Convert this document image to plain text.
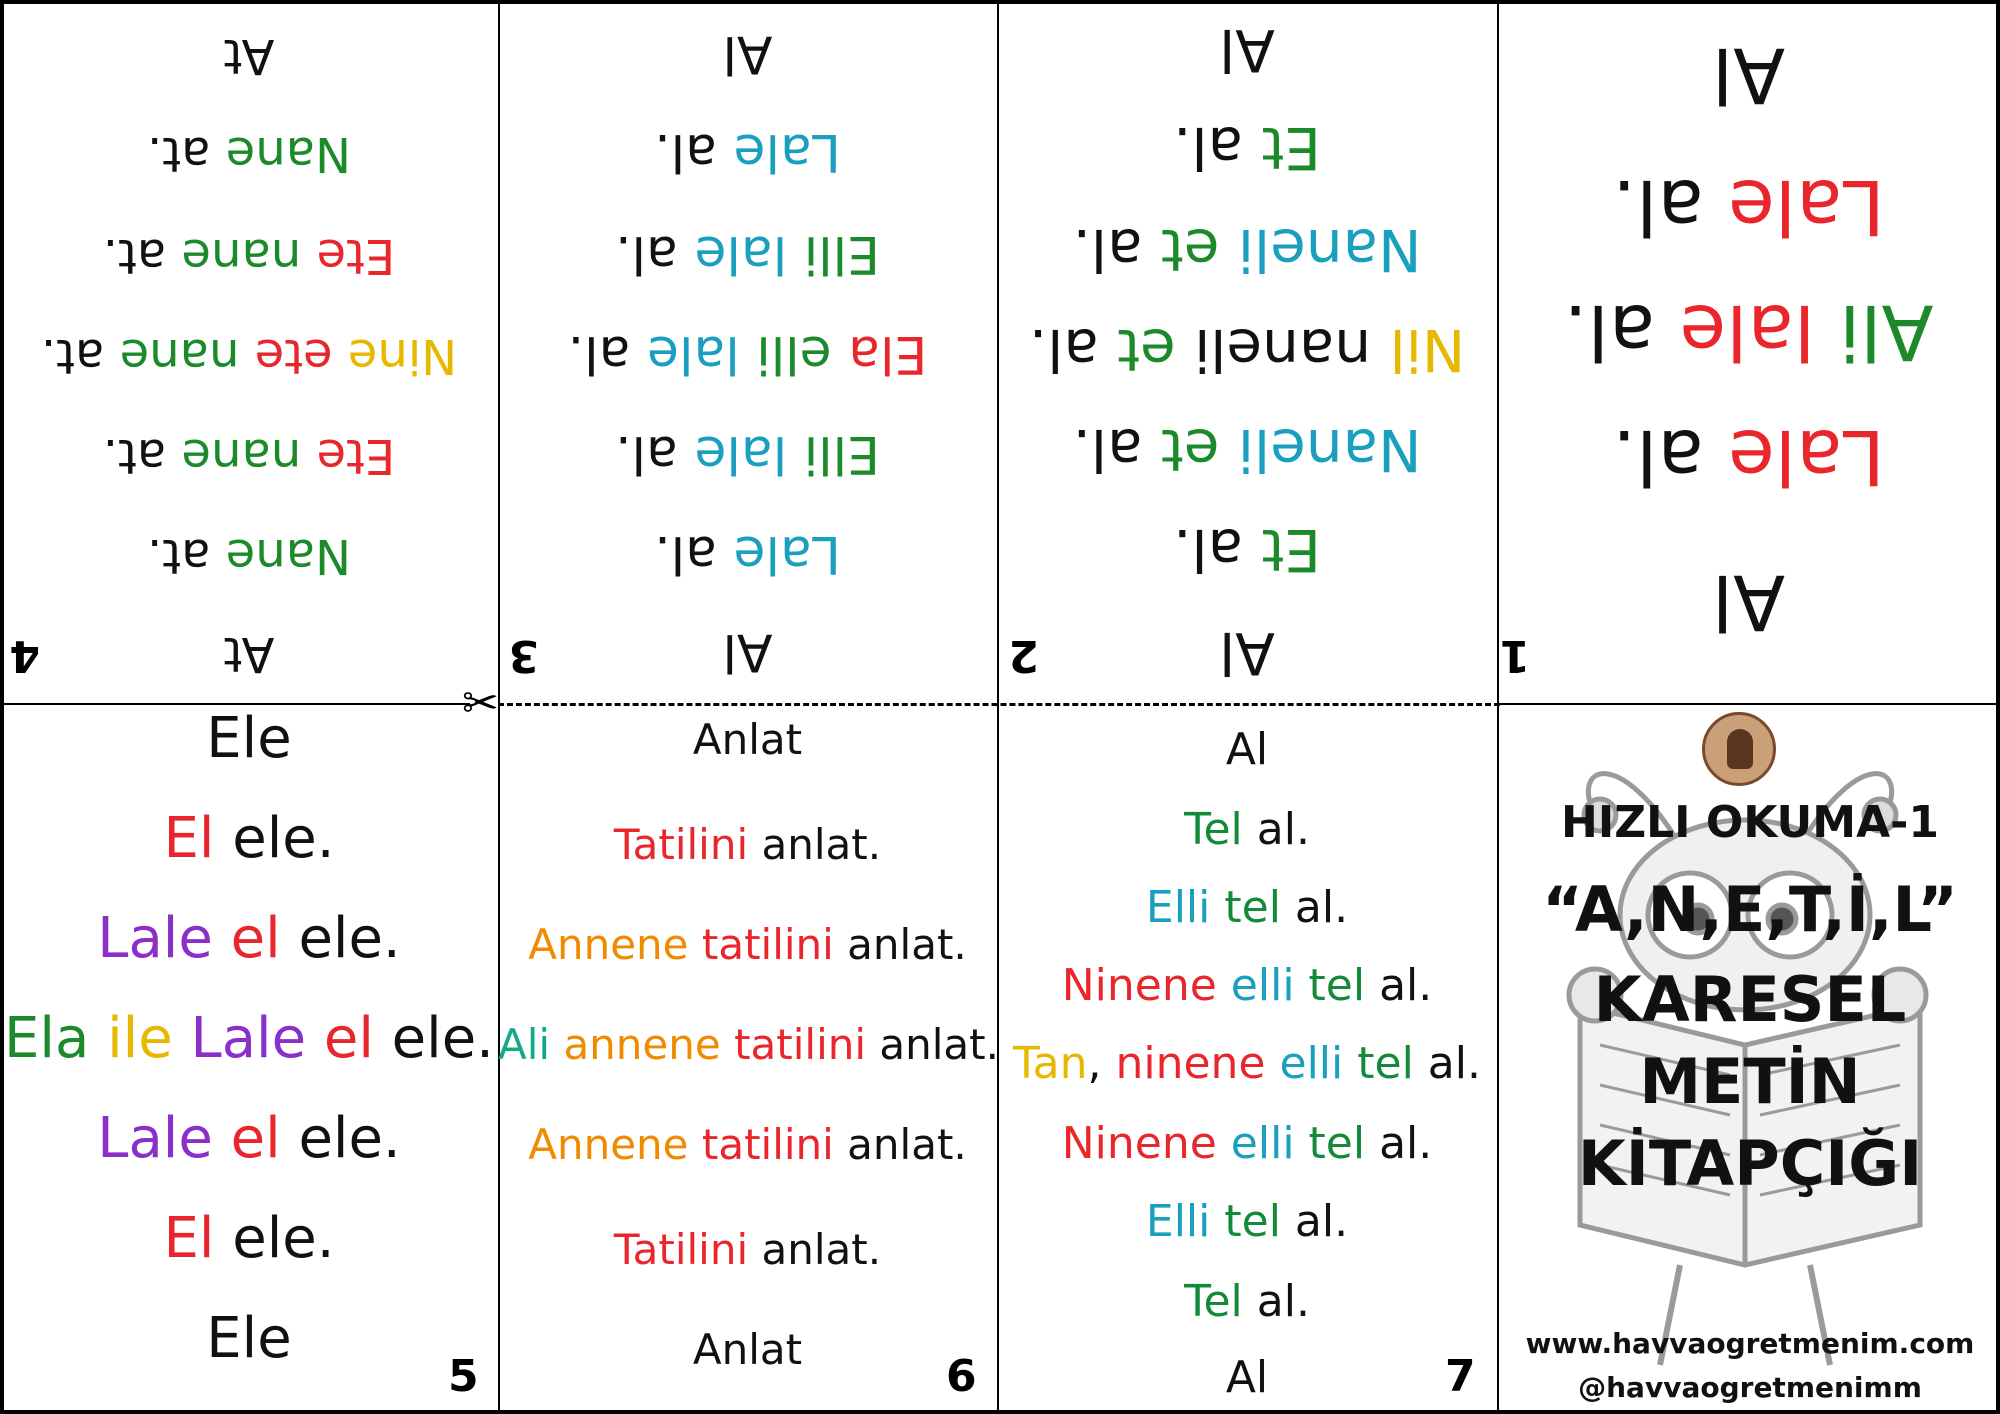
✂
At
Nane at.
Ete nane at.
Nine ete nane at.
Ete nane at.
Nane at.
At
4	Al
Lale al.
Elli lale al.
Ela elli lale al.
Elli lale al.
Lale al.
Al
3	Al
Et al.
Naneli et al.
Nil naneli et al.
Naneli et al.
Et al.
Al
2
Al
Lale al.
Ali lale al.
Lale al.
Al
1
Ele
El ele.
Lale el ele.
Ela ile Lale el ele.
Lale el ele.
El ele.
Ele
5
Anlat
Tatilini anlat.
Annene tatilini anlat.
Ali annene tatilini anlat.
Annene tatilini anlat.
Tatilini anlat.
Anlat
6
Al
Tel al.
Elli tel al.
Ninene elli tel al.
Tan, ninene elli tel al.
Ninene elli tel al.
Elli tel al.
Tel al.
Al	7
HIZLI OKUMA-1
“A,N,E,T,İ,L”
KARESEL
METİN
KİTAPÇIĞI
www.havvaogretmenim.com
@havvaogretmenimm
